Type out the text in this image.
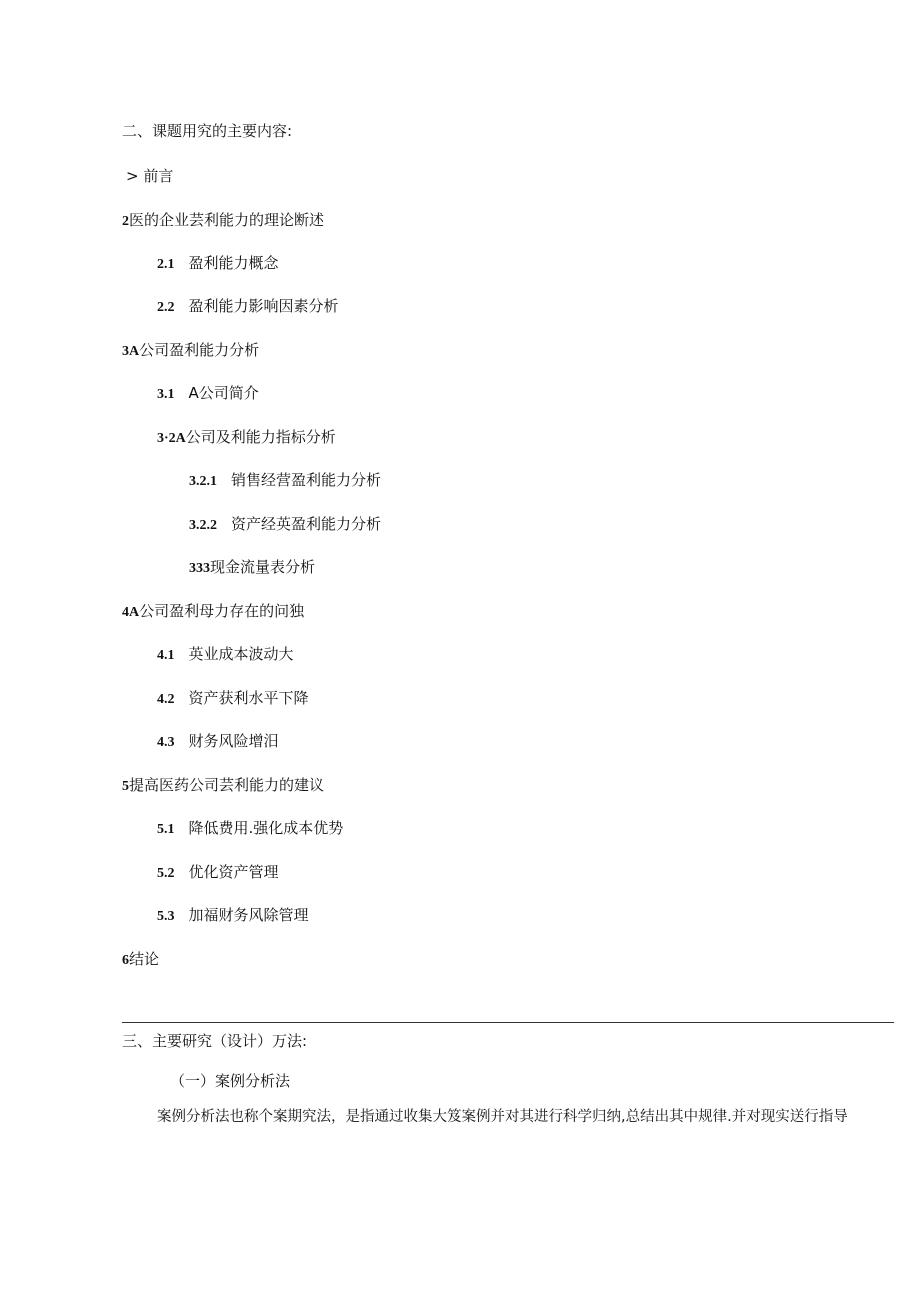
二、课题用究的主要内容:
> 前言
2医的企业芸利能力的理论断述
2.1 盈利能力概念
2.2 盈利能力影响因素分析
3A公司盈利能力分析
3.1 A公司简介
3·2A公司及利能力指标分析
3.2.1 销售经营盈利能力分析
3.2.2 资产经英盈利能力分析
333现金流量表分析
4A公司盈利母力存在的问独
4.1 英业成本波动大
4.2 资产获利水平下降
4.3 财务风险增汨
5提高医药公司芸利能力的建议
5.1 降低费用.强化成本优势
5.2 优化资产管理
5.3 加福财务风除管理
6结论
三、主要研究（设计）万法:
（一）案例分析法
案例分析法也称个案期究法，是指通过收集大笈案例并对其进行科学归纳,总结出其中规律.并对现实送行指导
